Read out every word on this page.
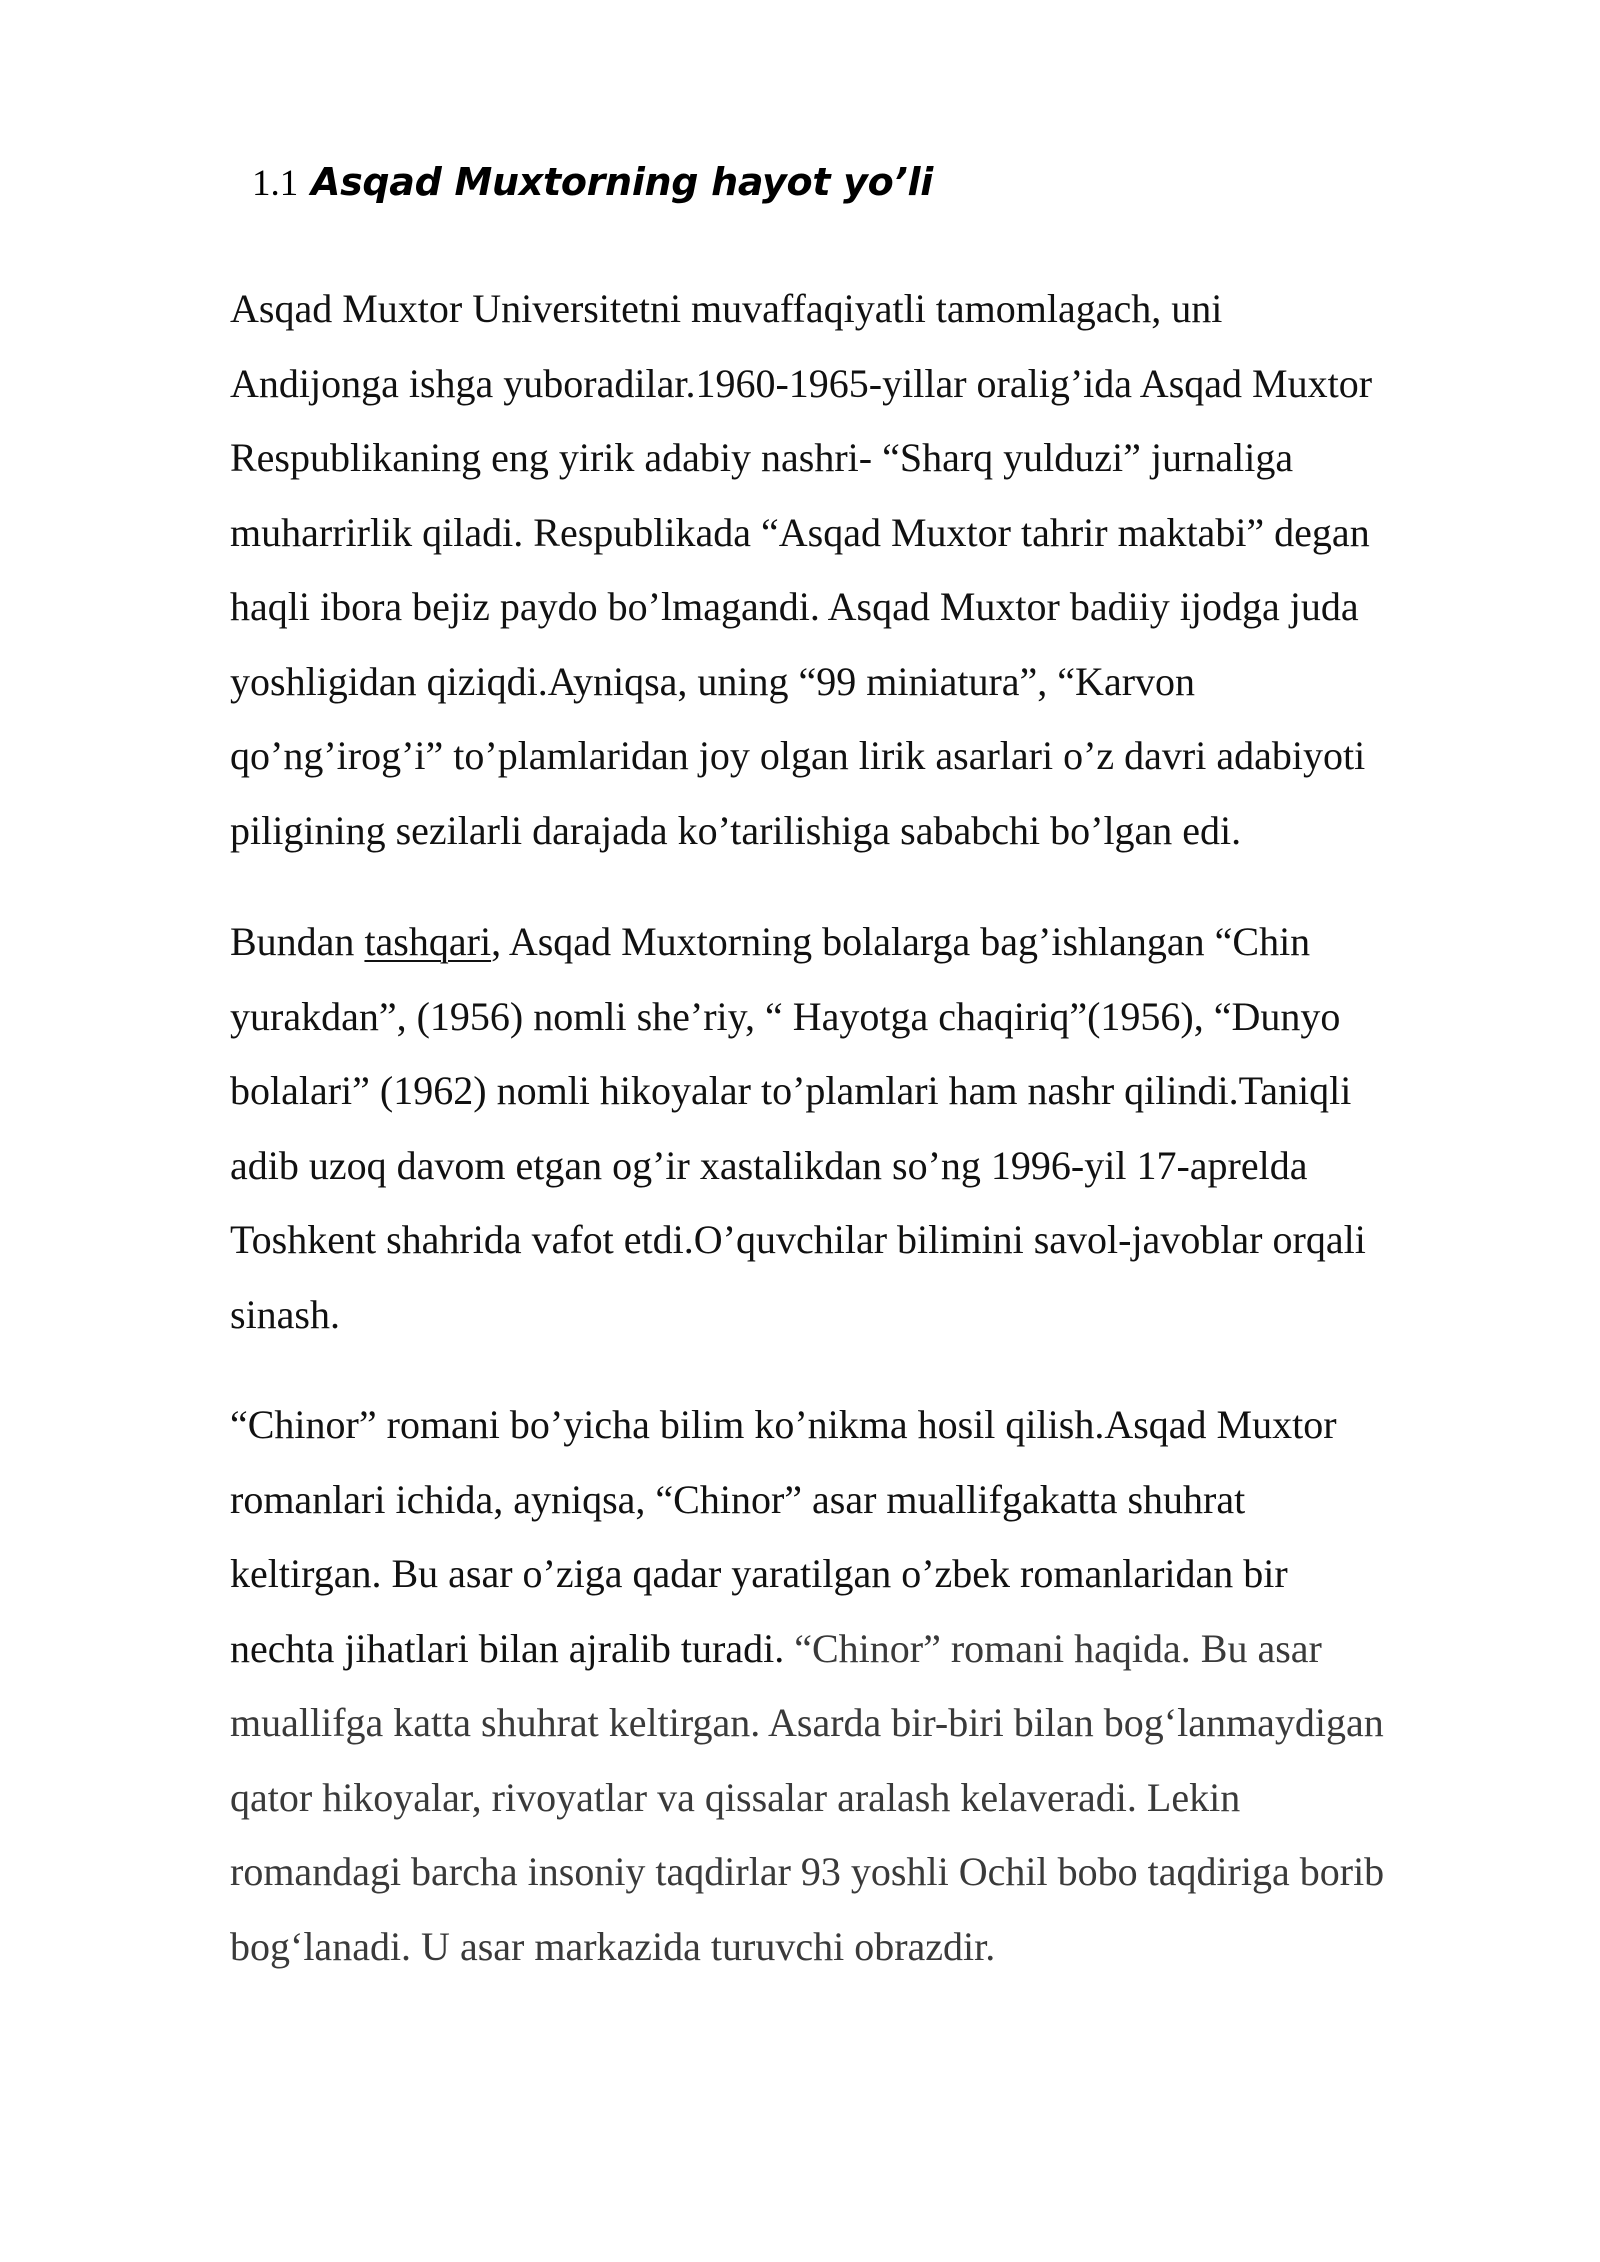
1.1 Asqad Muxtorning hayot yo’li

Asqad Muxtor Universitetni muvaffaqiyatli tamomlagach, uni
Andijonga ishga yuboradilar.1960-1965-yillar oralig’ida Asqad Muxtor
Respublikaning eng yirik adabiy nashri- “Sharq yulduzi” jurnaliga
muharrirlik qiladi. Respublikada “Asqad Muxtor tahrir maktabi” degan
haqli ibora bejiz paydo bo’lmagandi. Asqad Muxtor badiiy ijodga juda
yoshligidan qiziqdi.Ayniqsa, uning “99 miniatura”, “Karvon
qo’ng’irog’i” to’plamlaridan joy olgan lirik asarlari o’z davri adabiyoti
piligining sezilarli darajada ko’tarilishiga sababchi bo’lgan edi.

Bundan tashqari, Asqad Muxtorning bolalarga bag’ishlangan “Chin
yurakdan”, (1956) nomli she’riy, “ Hayotga chaqiriq”(1956), “Dunyo
bolalari” (1962) nomli hikoyalar to’plamlari ham nashr qilindi.Taniqli
adib uzoq davom etgan og’ir xastalikdan so’ng 1996-yil 17-aprelda
Toshkent shahrida vafot etdi.O’quvchilar bilimini savol-javoblar orqali
sinash.

“Chinor” romani bo’yicha bilim ko’nikma hosil qilish.Asqad Muxtor
romanlari ichida, ayniqsa, “Chinor” asar muallifgakatta shuhrat
keltirgan. Bu asar o’ziga qadar yaratilgan o’zbek romanlaridan bir
nechta jihatlari bilan ajralib turadi. “Chinor” romani haqida. Bu asar
muallifga katta shuhrat keltirgan. Asarda bir-biri bilan bog‘lanmaydigan
qator hikoyalar, rivoyatlar va qissalar aralash kelaveradi. Lekin
romandagi barcha insoniy taqdirlar 93 yoshli Ochil bobo taqdiriga borib
bog‘lanadi. U asar markazida turuvchi obrazdir.
